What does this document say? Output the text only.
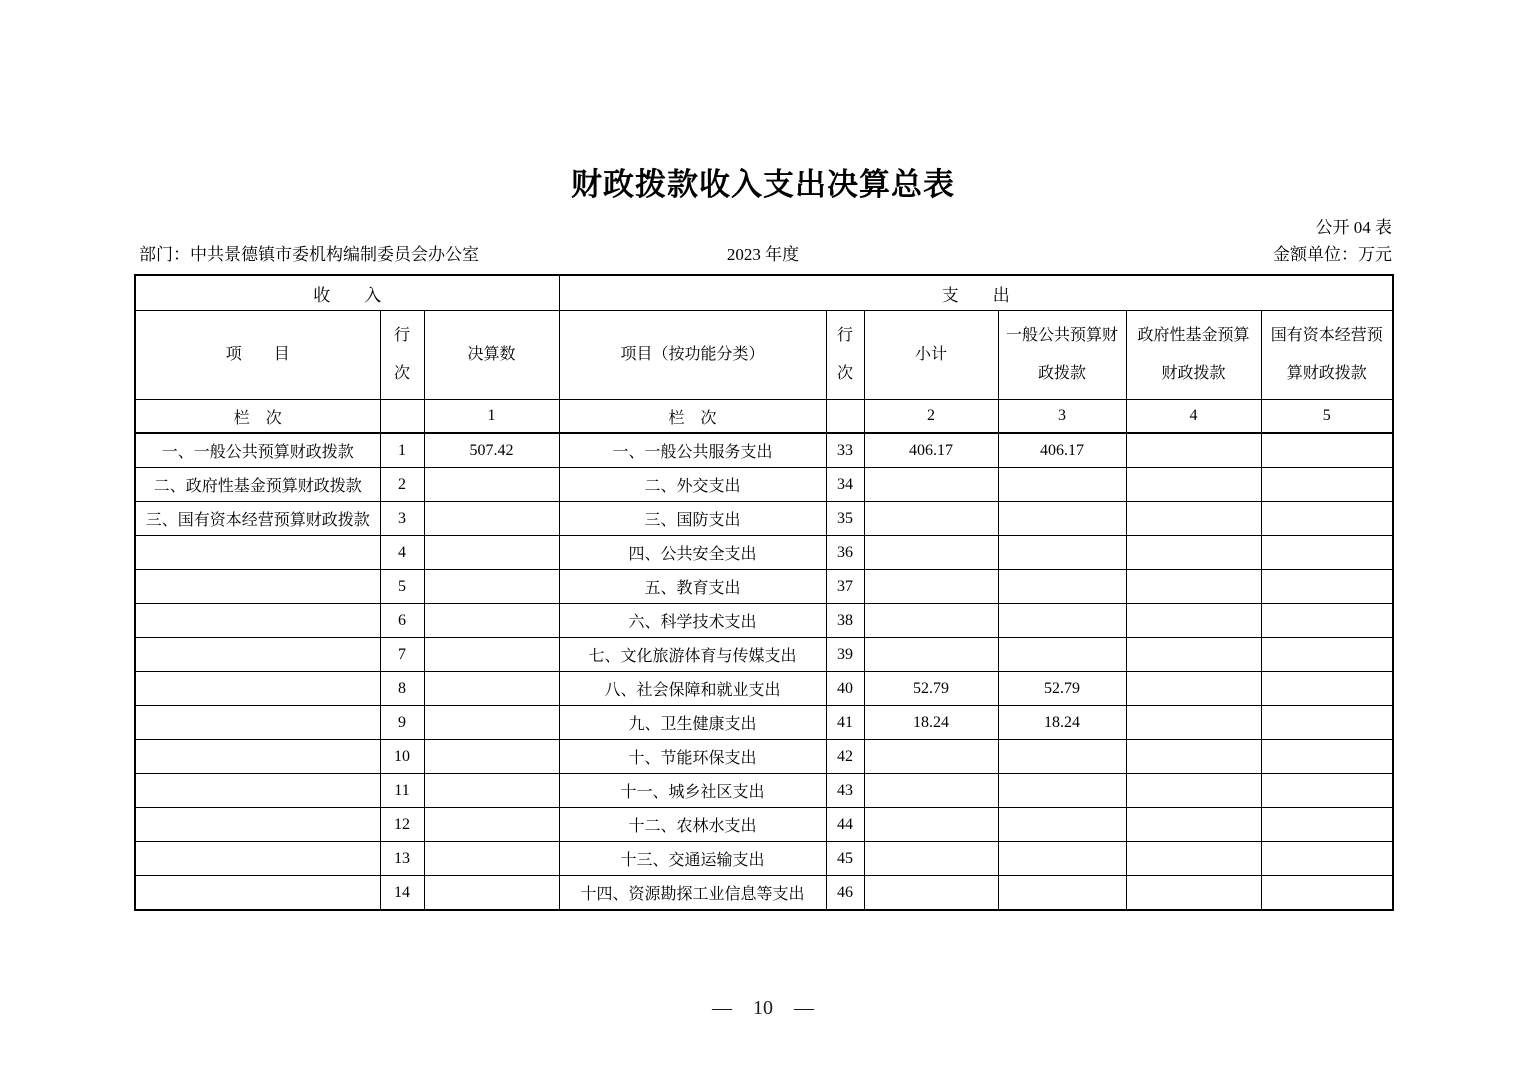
财政拨款收入支出决算总表
公开 04 表
部门：中共景德镇市委机构编制委员会办公室	2023 年度	金额单位：万元
收　　入			支　　出					
项　　目	行次	决算数	项目（按功能分类）	行次	小计	一般公共预算财政拨款	政府性基金预算财政拨款	国有资本经营预算财政拨款
栏　次		1	栏　次		2	3	4	5
一、一般公共预算财政拨款	1	507.42	一、一般公共服务支出	33	406.17	406.17		
二、政府性基金预算财政拨款	2		二、外交支出	34				
三、国有资本经营预算财政拨款	3		三、国防支出	35				
	4		四、公共安全支出	36				
	5		五、教育支出	37				
	6		六、科学技术支出	38				
	7		七、文化旅游体育与传媒支出	39				
	8		八、社会保障和就业支出	40	52.79	52.79		
	9		九、卫生健康支出	41	18.24	18.24		
	10		十、节能环保支出	42				
	11		十一、城乡社区支出	43				
	12		十二、农林水支出	44				
	13		十三、交通运输支出	45				
	14		十四、资源勘探工业信息等支出	46				
— 10 —
